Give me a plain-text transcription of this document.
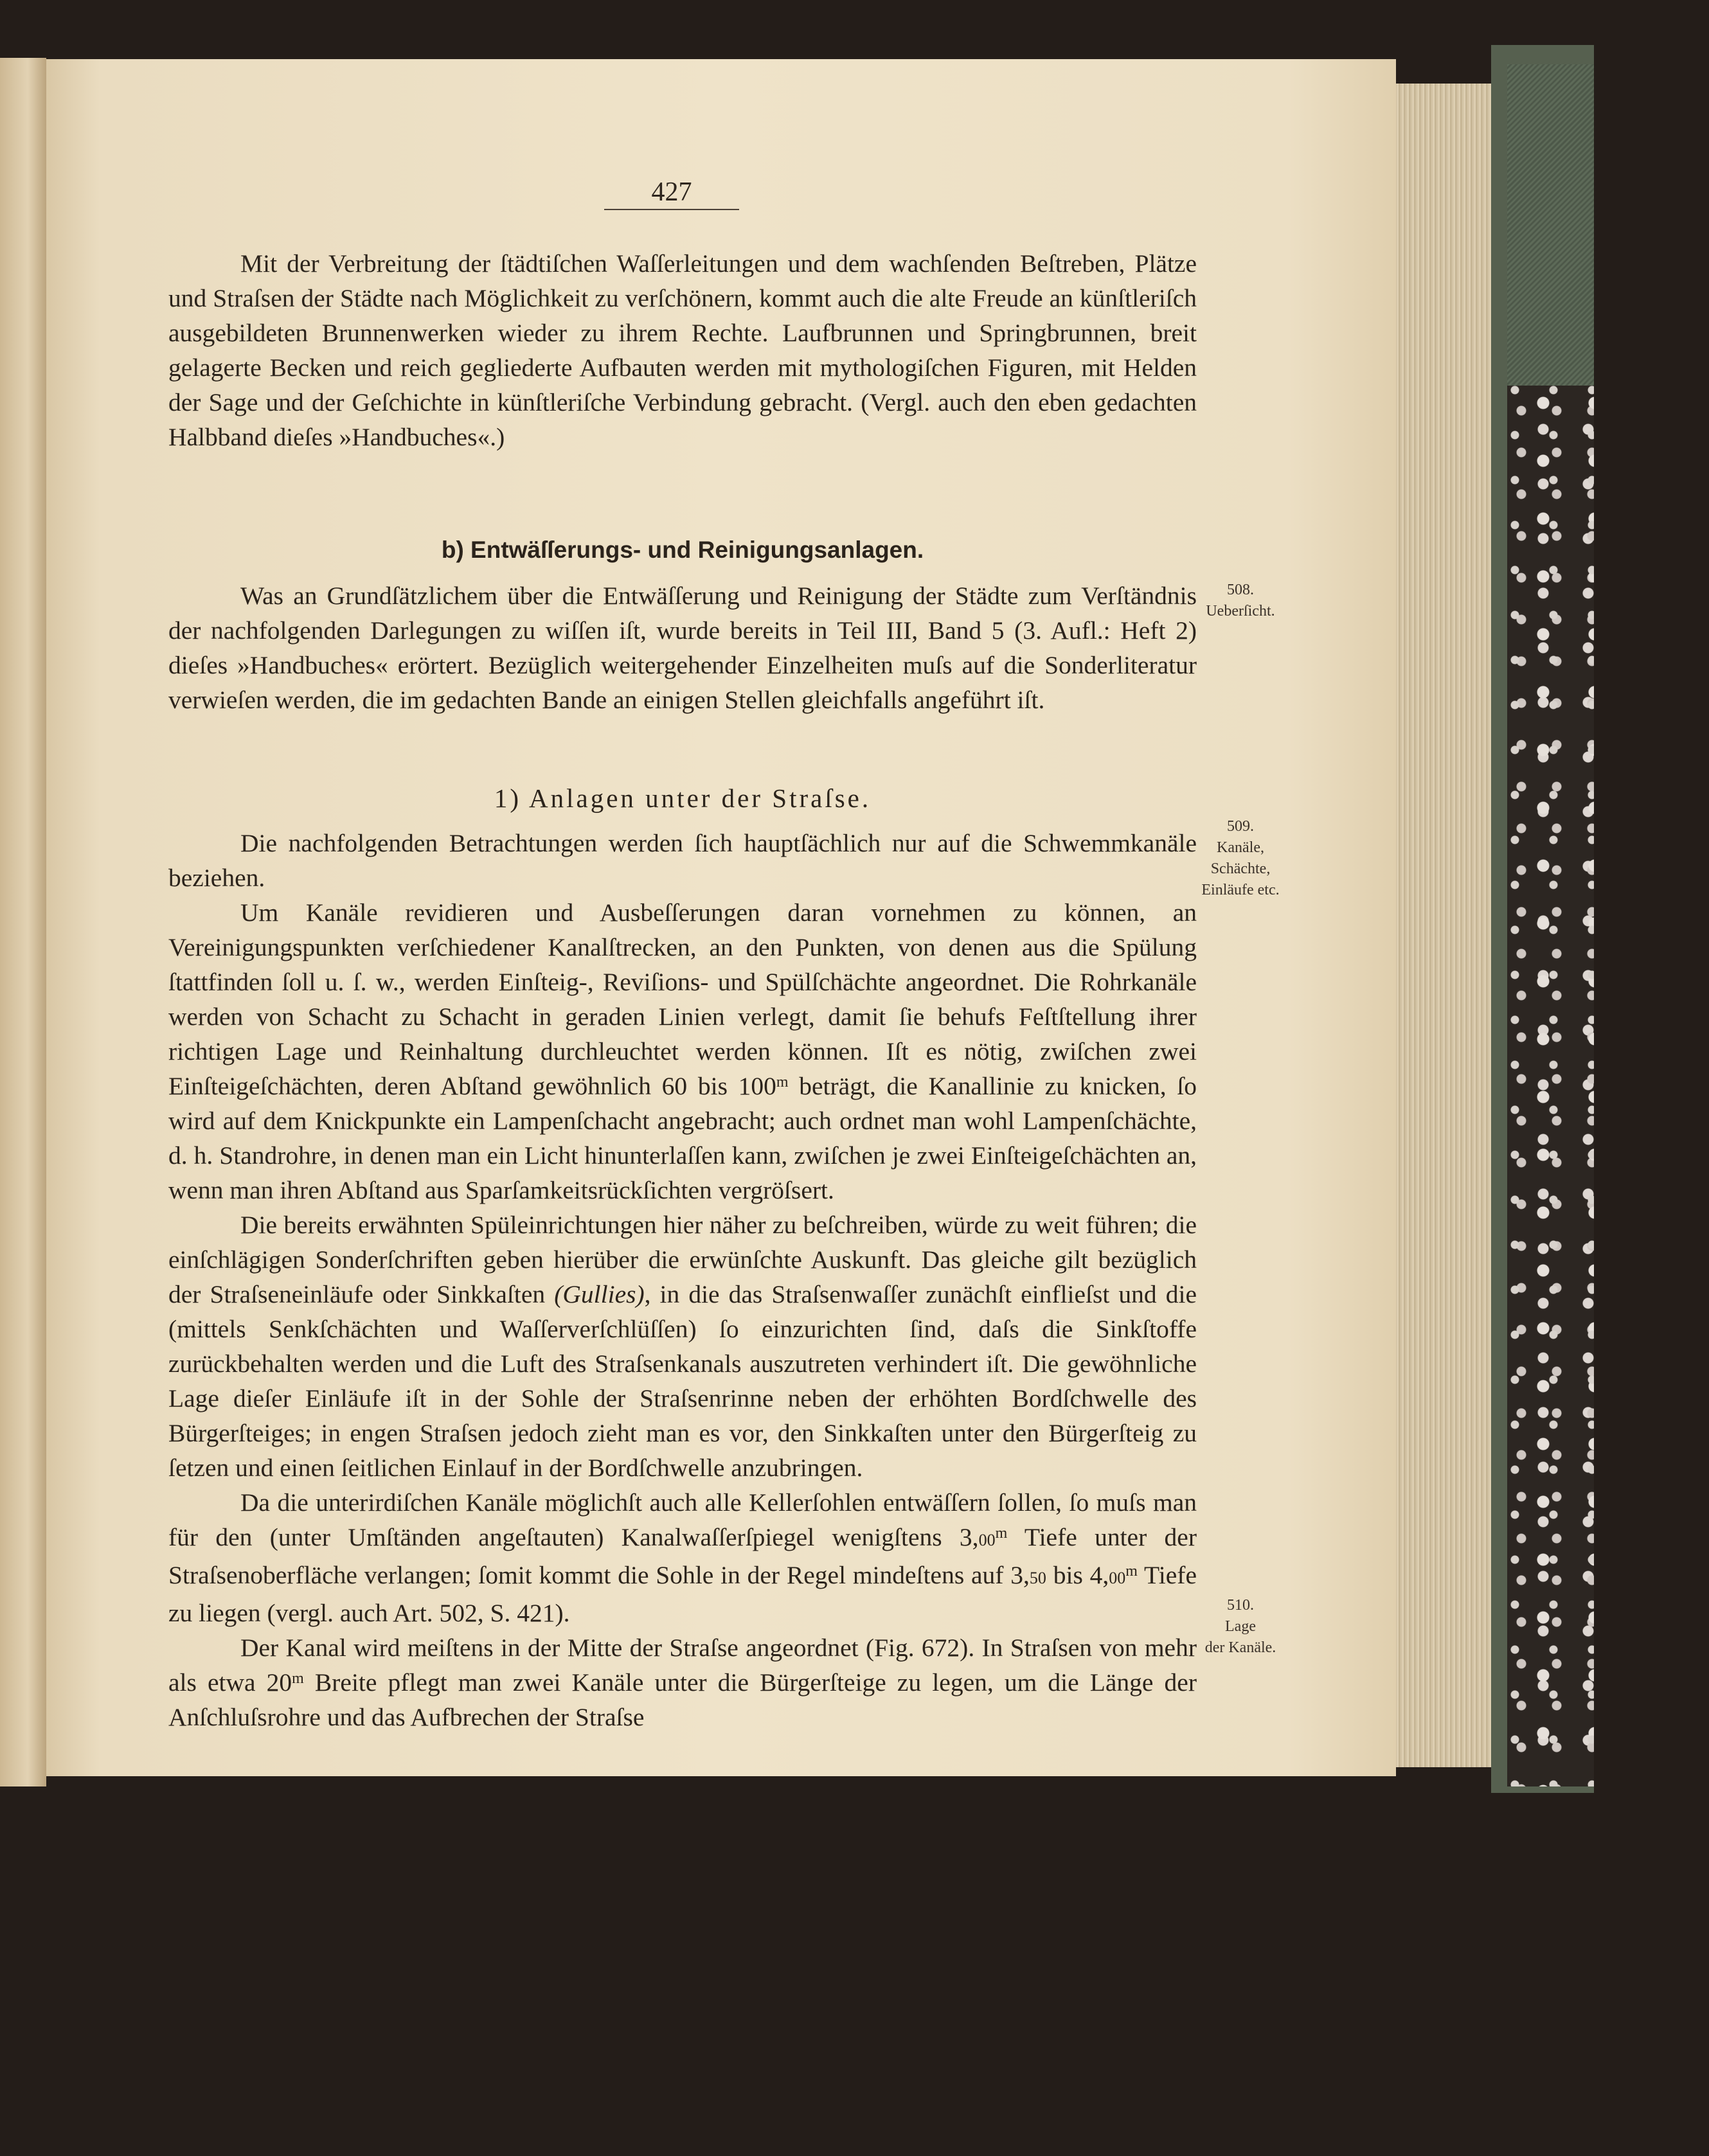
427

Mit der Verbreitung der ſtädtiſchen Waſſerleitungen und dem wachſenden Beſtreben, Plätze und Straſsen der Städte nach Möglichkeit zu verſchönern, kommt auch die alte Freude an künſtleriſch ausgebildeten Brunnenwerken wieder zu ihrem Rechte. Laufbrunnen und Springbrunnen, breit gelagerte Becken und reich gegliederte Aufbauten werden mit mythologiſchen Figuren, mit Helden der Sage und der Geſchichte in künſtleriſche Verbindung gebracht. (Vergl. auch den eben gedachten Halbband dieſes »Handbuches«.)

b) Entwäſſerungs- und Reinigungsanlagen.

Was an Grundſätzlichem über die Entwäſſerung und Reinigung der Städte zum Verſtändnis der nachfolgenden Darlegungen zu wiſſen iſt, wurde bereits in Teil III, Band 5 (3. Aufl.: Heft 2) dieſes »Handbuches« erörtert. Bezüglich weitergehender Einzelheiten muſs auf die Sonderliteratur verwieſen werden, die im gedachten Bande an einigen Stellen gleichfalls angeführt iſt.

1) Anlagen unter der Straſse.

Die nachfolgenden Betrachtungen werden ſich hauptſächlich nur auf die Schwemmkanäle beziehen.

Um Kanäle revidieren und Ausbeſſerungen daran vornehmen zu können, an Vereinigungspunkten verſchiedener Kanalſtrecken, an den Punkten, von denen aus die Spülung ſtattfinden ſoll u. ſ. w., werden Einſteig-, Reviſions- und Spülſchächte angeordnet. Die Rohrkanäle werden von Schacht zu Schacht in geraden Linien verlegt, damit ſie behufs Feſtſtellung ihrer richtigen Lage und Reinhaltung durchleuchtet werden können. Iſt es nötig, zwiſchen zwei Einſteigeſchächten, deren Abſtand gewöhnlich 60 bis 100$^m$ beträgt, die Kanallinie zu knicken, ſo wird auf dem Knickpunkte ein Lampenſchacht angebracht; auch ordnet man wohl Lampenſchächte, d. h. Standrohre, in denen man ein Licht hinunterlaſſen kann, zwiſchen je zwei Einſteigeſchächten an, wenn man ihren Abſtand aus Sparſamkeitsrückſichten vergröſsert.

Die bereits erwähnten Spüleinrichtungen hier näher zu beſchreiben, würde zu weit führen; die einſchlägigen Sonderſchriften geben hierüber die erwünſchte Auskunft. Das gleiche gilt bezüglich der Straſseneinläufe oder Sinkkaſten (Gullies), in die das Straſsenwaſſer zunächſt einflieſst und die (mittels Senkſchächten und Waſſerverſchlüſſen) ſo einzurichten ſind, daſs die Sinkſtoffe zurückbehalten werden und die Luft des Straſsenkanals auszutreten verhindert iſt. Die gewöhnliche Lage dieſer Einläufe iſt in der Sohle der Straſsenrinne neben der erhöhten Bordſchwelle des Bürgerſteiges; in engen Straſsen jedoch zieht man es vor, den Sinkkaſten unter den Bürgerſteig zu ſetzen und einen ſeitlichen Einlauf in der Bordſchwelle anzubringen.

Da die unterirdiſchen Kanäle möglichſt auch alle Kellerſohlen entwäſſern ſollen, ſo muſs man für den (unter Umſtänden angeſtauten) Kanalwaſſerſpiegel wenigſtens 3,00$^m$ Tiefe unter der Straſsenoberfläche verlangen; ſomit kommt die Sohle in der Regel mindeſtens auf 3,50 bis 4,00$^m$ Tiefe zu liegen (vergl. auch Art. 502, S. 421).

Der Kanal wird meiſtens in der Mitte der Straſse angeordnet (Fig. 672). In Straſsen von mehr als etwa 20$^m$ Breite pflegt man zwei Kanäle unter die Bürgerſteige zu legen, um die Länge der Anſchluſsrohre und das Aufbrechen der Straſse

508.
Ueberſicht.
509.
Kanäle,
Schächte,
Einläufe etc.
510.
Lage
der Kanäle.
